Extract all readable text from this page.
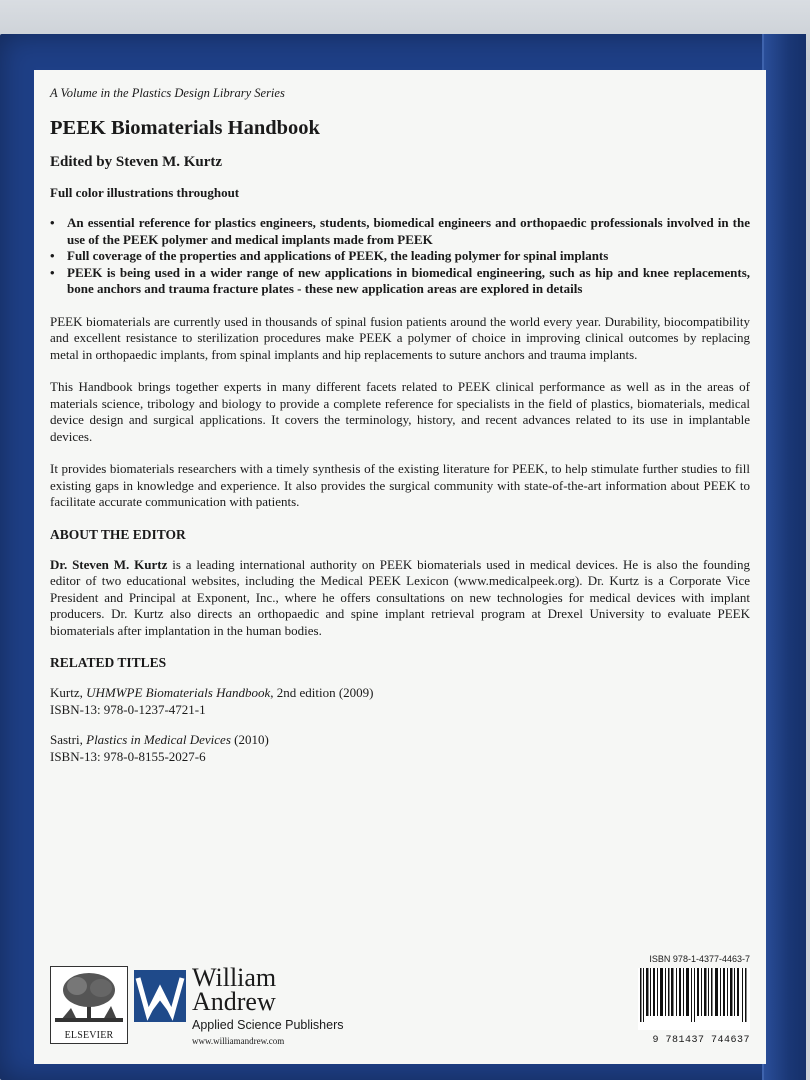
A Volume in the Plastics Design Library Series
PEEK Biomaterials Handbook
Edited by Steven M. Kurtz
Full color illustrations throughout
• An essential reference for plastics engineers, students, biomedical engineers and orthopaedic professionals involved in the use of the PEEK polymer and medical implants made from PEEK
• Full coverage of the properties and applications of PEEK, the leading polymer for spinal implants
• PEEK is being used in a wider range of new applications in biomedical engineering, such as hip and knee replacements, bone anchors and trauma fracture plates - these new application areas are explored in details

PEEK biomaterials are currently used in thousands of spinal fusion patients around the world every year. Durability, biocompatibility and excellent resistance to sterilization procedures make PEEK a polymer of choice in improving clinical outcomes by replacing metal in orthopaedic implants, from spinal implants and hip replacements to suture anchors and trauma implants.

This Handbook brings together experts in many different facets related to PEEK clinical performance as well as in the areas of materials science, tribology and biology to provide a complete reference for specialists in the field of plastics, biomaterials, medical device design and surgical applications. It covers the terminology, history, and recent advances related to its use in implantable devices.

It provides biomaterials researchers with a timely synthesis of the existing literature for PEEK, to help stimulate further studies to fill existing gaps in knowledge and experience. It also provides the surgical community with state-of-the-art information about PEEK to facilitate accurate communication with patients.

ABOUT THE EDITOR

Dr. Steven M. Kurtz is a leading international authority on PEEK biomaterials used in medical devices. He is also the founding editor of two educational websites, including the Medical PEEK Lexicon (www.medicalpeek.org). Dr. Kurtz is a Corporate Vice President and Principal at Exponent, Inc., where he offers consultations on new technologies for medical devices with implant producers. Dr. Kurtz also directs an orthopaedic and spine implant retrieval program at Drexel University to evaluate PEEK biomaterials after implantation in the human bodies.

RELATED TITLES
Kurtz, UHMWPE Biomaterials Handbook, 2nd edition (2009)
ISBN-13: 978-0-1237-4721-1
Sastri, Plastics in Medical Devices (2010)
ISBN-13: 978-0-8155-2027-6
ELSEVIER
William
Andrew
Applied Science Publishers
www.williamandrew.com
ISBN 978-1-4377-4463-7
9 781437 744637
